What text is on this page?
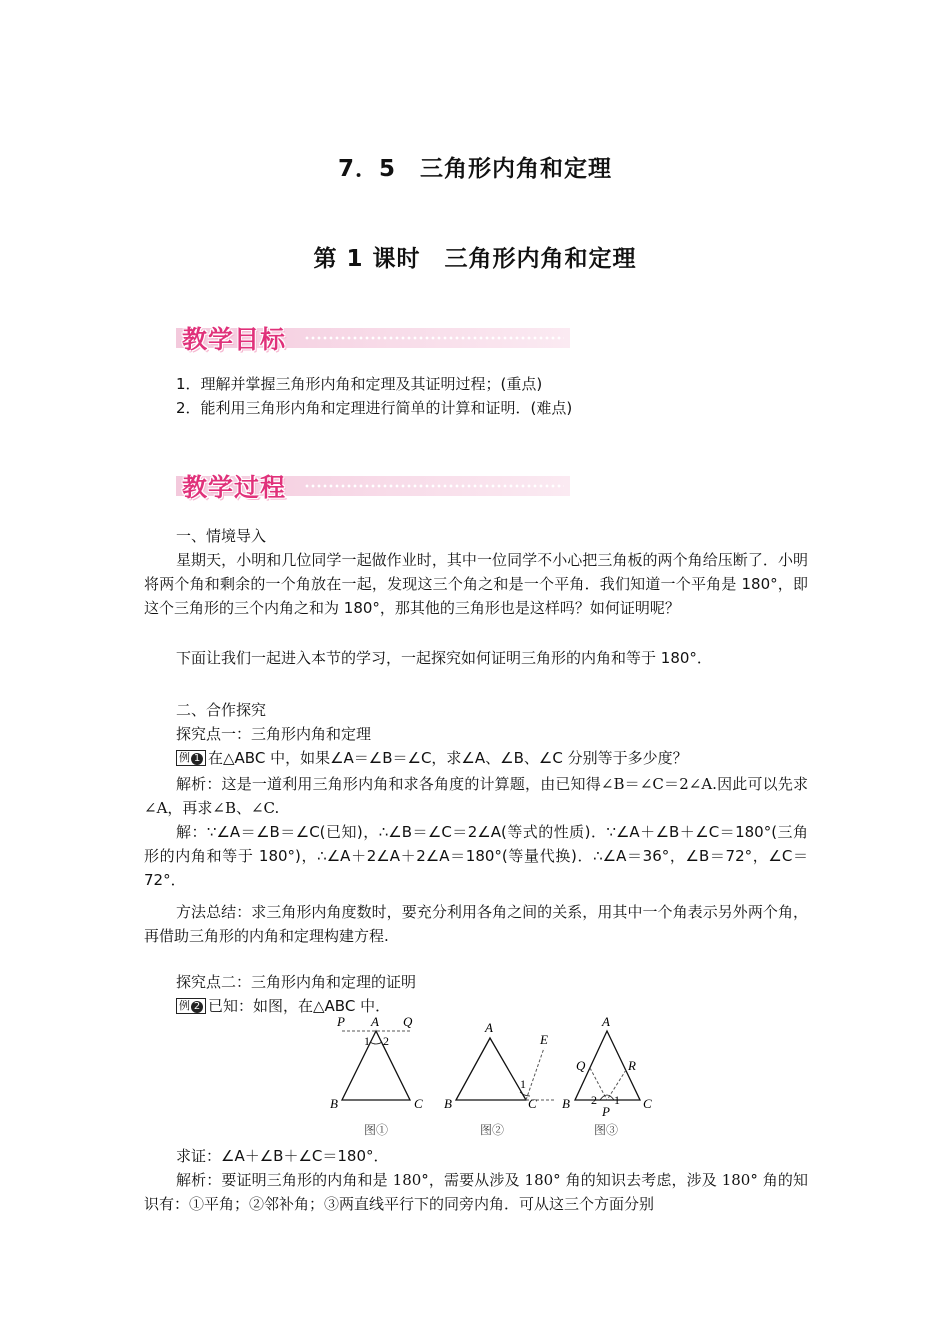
7．5　三角形内角和定理
第 1 课时　三角形内角和定理
教学目标
1．理解并掌握三角形内角和定理及其证明过程；(重点)
2．能利用三角形内角和定理进行简单的计算和证明．(难点)
教学过程
一、情境导入
星期天，小明和几位同学一起做作业时，其中一位同学不小心把三角板的两个角给压断了．小明将两个角和剩余的一个角放在一起，发现这三个角之和是一个平角．我们知道一个平角是 180°，即这个三角形的三个内角之和为 180°，那其他的三角形也是这样吗？如何证明呢？
下面让我们一起进入本节的学习，一起探究如何证明三角形的内角和等于 180°．
二、合作探究
探究点一：三角形内角和定理
例 1 在△ABC 中，如果∠A＝∠B＝∠C，求∠A、∠B、∠C 分别等于多少度？
解析：这是一道利用三角形内角和求各角度的计算题，由已知得∠B＝∠C＝2∠A.因此可以先求∠A，再求∠B、∠C.
解：∵∠A＝∠B＝∠C(已知)，∴∠B＝∠C＝2∠A(等式的性质)．∵∠A＋∠B＋∠C＝180°(三角形的内角和等于 180°)，∴∠A＋2∠A＋2∠A＝180°(等量代换)．∴∠A＝36°，∠B＝72°，∠C＝72°．
方法总结：求三角形内角度数时，要充分利用各角之间的关系，用其中一个角表示另外两个角，再借助三角形的内角和定理构建方程.
探究点二：三角形内角和定理的证明
例 2 已知：如图，在△ABC 中．
P A Q
1 2
B	C
图①
A
E
1
B	C
图②
A
Q	R
B 2 1
P
C
图③
求证：∠A＋∠B＋∠C＝180°．
解析：要证明三角形的内角和是 180°，需要从涉及 180° 角的知识去考虑，涉及 180° 角的知识有：①平角；②邻补角；③两直线平行下的同旁内角．可从这三个方面分别
